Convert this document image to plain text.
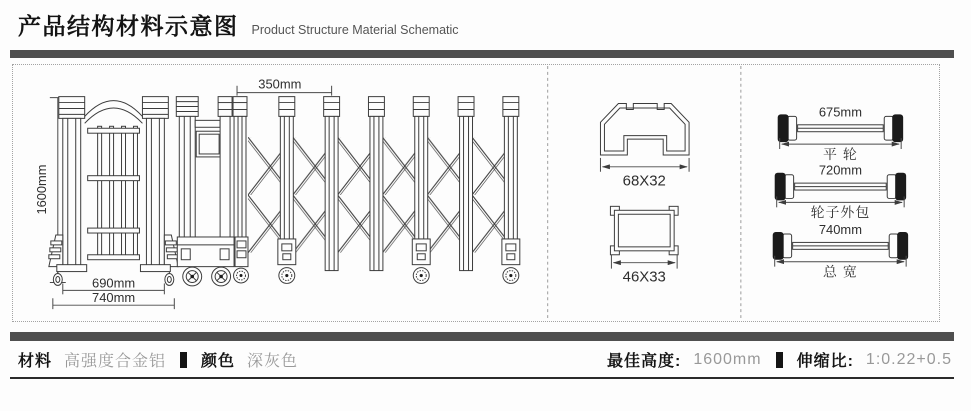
产品结构材料示意图 Product Structure Material Schematic
1600mm
690mm
740mm
350mm
68X32
46X33
675mm
平 轮
720mm
轮子外包
740mm
总 宽
材料 高强度合金铝 颜色 深灰色	最佳高度: 1600mm 伸缩比: 1:0.22+0.5
